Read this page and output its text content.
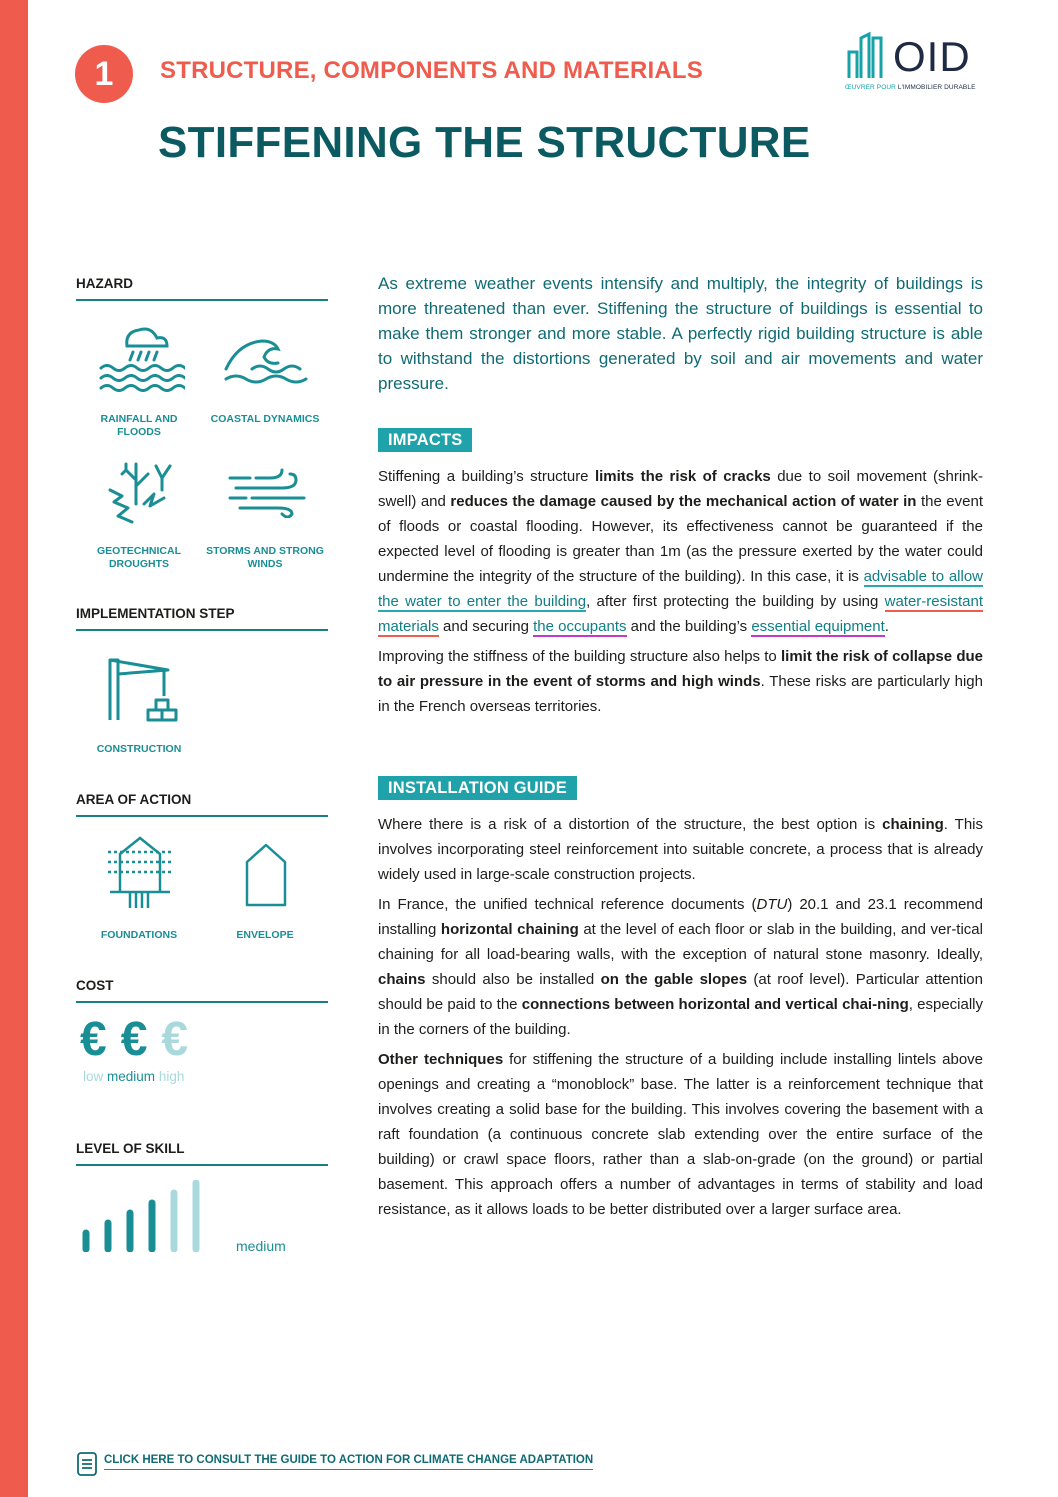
1	STRUCTURE, COMPONENTS AND MATERIALS
STIFFENING THE STRUCTURE
OID
ŒUVRER POUR L'IMMOBILIER DURABLE
HAZARD
RAINFALL AND FLOODS
COASTAL DYNAMICS
GEOTECHNICAL DROUGHTS
STORMS AND STRONG WINDS
IMPLEMENTATION STEP
CONSTRUCTION
AREA OF ACTION
FOUNDATIONS	ENVELOPE
COST
€ € €
low medium high
LEVEL OF SKILL
medium
As extreme weather events intensify and multiply, the integrity of buildings is more threatened than ever. Stiffening the structure of buildings is essential to make them stronger and more stable. A perfectly rigid building structure is able to withstand the distortions generated by soil and air movements and water pressure.
IMPACTS

Stiffening a building’s structure limits the risk of cracks due to soil movement (shrink-swell) and reduces the damage caused by the mechanical action of water in the event of floods or coastal flooding. However, its effectiveness cannot be guaranteed if the expected level of flooding is greater than 1m (as the pressure exerted by the water could undermine the integrity of the structure of the building). In this case, it is advisable to allow the water to enter the building, after first protecting the building by using water-resistant materials and securing the occupants and the building’s essential equipment.

Improving the stiffness of the building structure also helps to limit the risk of collapse due to air pressure in the event of storms and high winds. These risks are particularly high in the French overseas territories.

INSTALLATION GUIDE

Where there is a risk of a distortion of the structure, the best option is chaining. This involves incorporating steel reinforcement into suitable concrete, a process that is already widely used in large-scale construction projects.

In France, the unified technical reference documents (DTU) 20.1 and 23.1 recommend installing horizontal chaining at the level of each floor or slab in the building, and ver-tical chaining for all load-bearing walls, with the exception of natural stone masonry. Ideally, chains should also be installed on the gable slopes (at roof level). Particular attention should be paid to the connections between horizontal and vertical chai-ning, especially in the corners of the building.

Other techniques for stiffening the structure of a building include installing lintels above openings and creating a “monoblock” base. The latter is a reinforcement technique that involves creating a solid base for the building. This involves covering the basement with a raft foundation (a continuous concrete slab extending over the entire surface of the building) or crawl space floors, rather than a slab-on-grade (on the ground) or partial basement. This approach offers a number of advantages in terms of stability and load resistance, as it allows loads to be better distributed over a larger surface area.

CLICK HERE TO CONSULT THE GUIDE TO ACTION FOR CLIMATE CHANGE ADAPTATION
